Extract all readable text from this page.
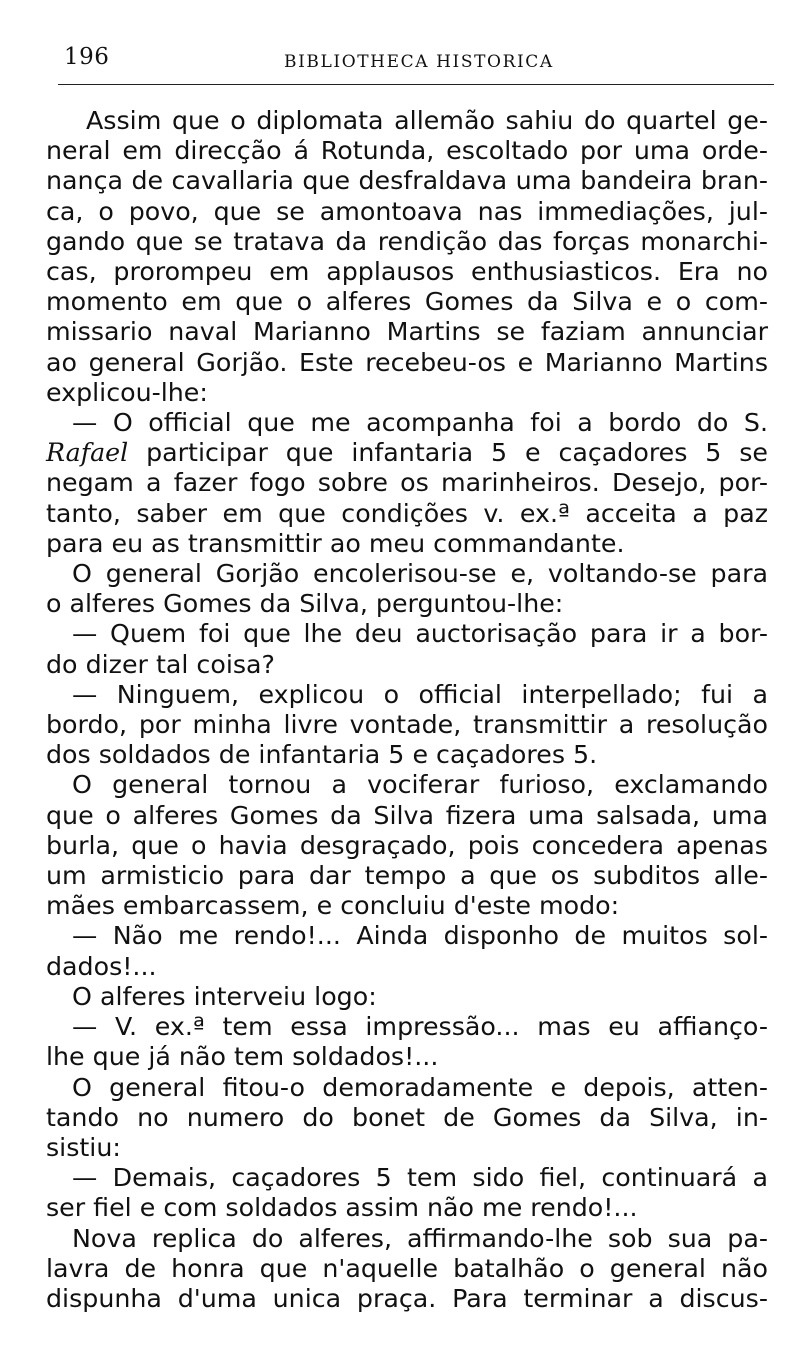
196	BIBLIOTHECA HISTORICA
Assim que o diplomata allemão sahiu do quartel ge-
neral em direcção á Rotunda, escoltado por uma orde-
nança de cavallaria que desfraldava uma bandeira bran-
ca, o povo, que se amontoava nas immediações, jul-
gando que se tratava da rendição das forças monarchi-
cas, prorompeu em applausos enthusiasticos. Era no
momento em que o alferes Gomes da Silva e o com-
missario naval Marianno Martins se faziam annunciar
ao general Gorjão. Este recebeu-os e Marianno Martins
explicou-lhe:
— O official que me acompanha foi a bordo do S.
Rafael participar que infantaria 5 e caçadores 5 se
negam a fazer fogo sobre os marinheiros. Desejo, por-
tanto, saber em que condições v. ex.ª acceita a paz
para eu as transmittir ao meu commandante.
O general Gorjão encolerisou-se e, voltando-se para
o alferes Gomes da Silva, perguntou-lhe:
— Quem foi que lhe deu auctorisação para ir a bor-
do dizer tal coisa?
— Ninguem, explicou o official interpellado; fui a
bordo, por minha livre vontade, transmittir a resolução
dos soldados de infantaria 5 e caçadores 5.
O general tornou a vociferar furioso, exclamando
que o alferes Gomes da Silva fizera uma salsada, uma
burla, que o havia desgraçado, pois concedera apenas
um armisticio para dar tempo a que os subditos alle-
mães embarcassem, e concluiu d'este modo:
— Não me rendo!... Ainda disponho de muitos sol-
dados!...
O alferes interveiu logo:
— V. ex.ª tem essa impressão... mas eu affianço-
lhe que já não tem soldados!...
O general fitou-o demoradamente e depois, atten-
tando no numero do bonet de Gomes da Silva, in-
sistiu:
— Demais, caçadores 5 tem sido fiel, continuará a
ser fiel e com soldados assim não me rendo!...
Nova replica do alferes, affirmando-lhe sob sua pa-
lavra de honra que n'aquelle batalhão o general não
dispunha d'uma unica praça. Para terminar a discus-
